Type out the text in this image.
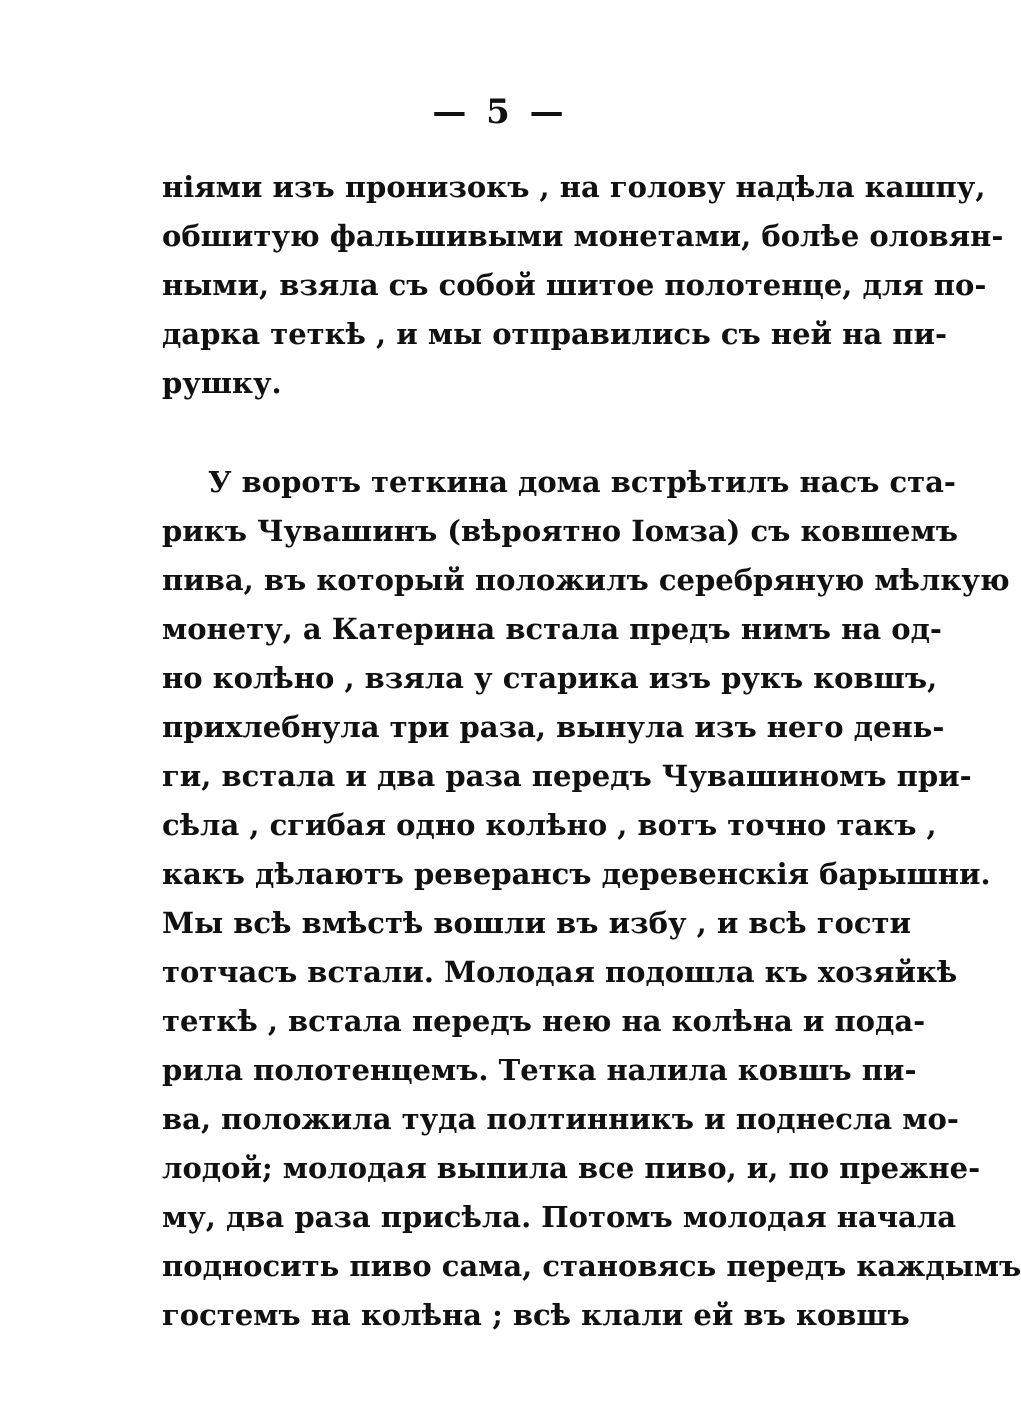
— 5 —
ніями изъ пронизокъ , на голову надѣла кашпу,
обшитую фальшивыми монетами, болѣе оловян-
ными, взяла съ собой шитое полотенце, для по-
дарка теткѣ , и мы отправились съ ней на пи-
рушку.
У воротъ теткина дома встрѣтилъ насъ ста-
рикъ Чувашинъ (вѣроятно Іомза) съ ковшемъ
пива, въ который положилъ серебряную мѣлкую
монету, а Катерина встала предъ нимъ на од-
но колѣно , взяла у старика изъ рукъ ковшъ,
прихлебнула три раза, вынула изъ него день-
ги, встала и два раза передъ Чувашиномъ при-
сѣла , сгибая одно колѣно , вотъ точно такъ ,
какъ дѣлаютъ реверансъ деревенскія барышни.
Мы всѣ вмѣстѣ вошли въ избу , и всѣ гости
тотчасъ встали. Молодая подошла къ хозяйкѣ
теткѣ , встала передъ нею на колѣна и пода-
рила полотенцемъ. Тетка налила ковшъ пи-
ва, положила туда полтинникъ и поднесла мо-
лодой; молодая выпила все пиво, и, по прежне-
му, два раза присѣла. Потомъ молодая начала
подносить пиво сама, становясь передъ каждымъ
гостемъ на колѣна ; всѣ клали ей въ ковшъ
